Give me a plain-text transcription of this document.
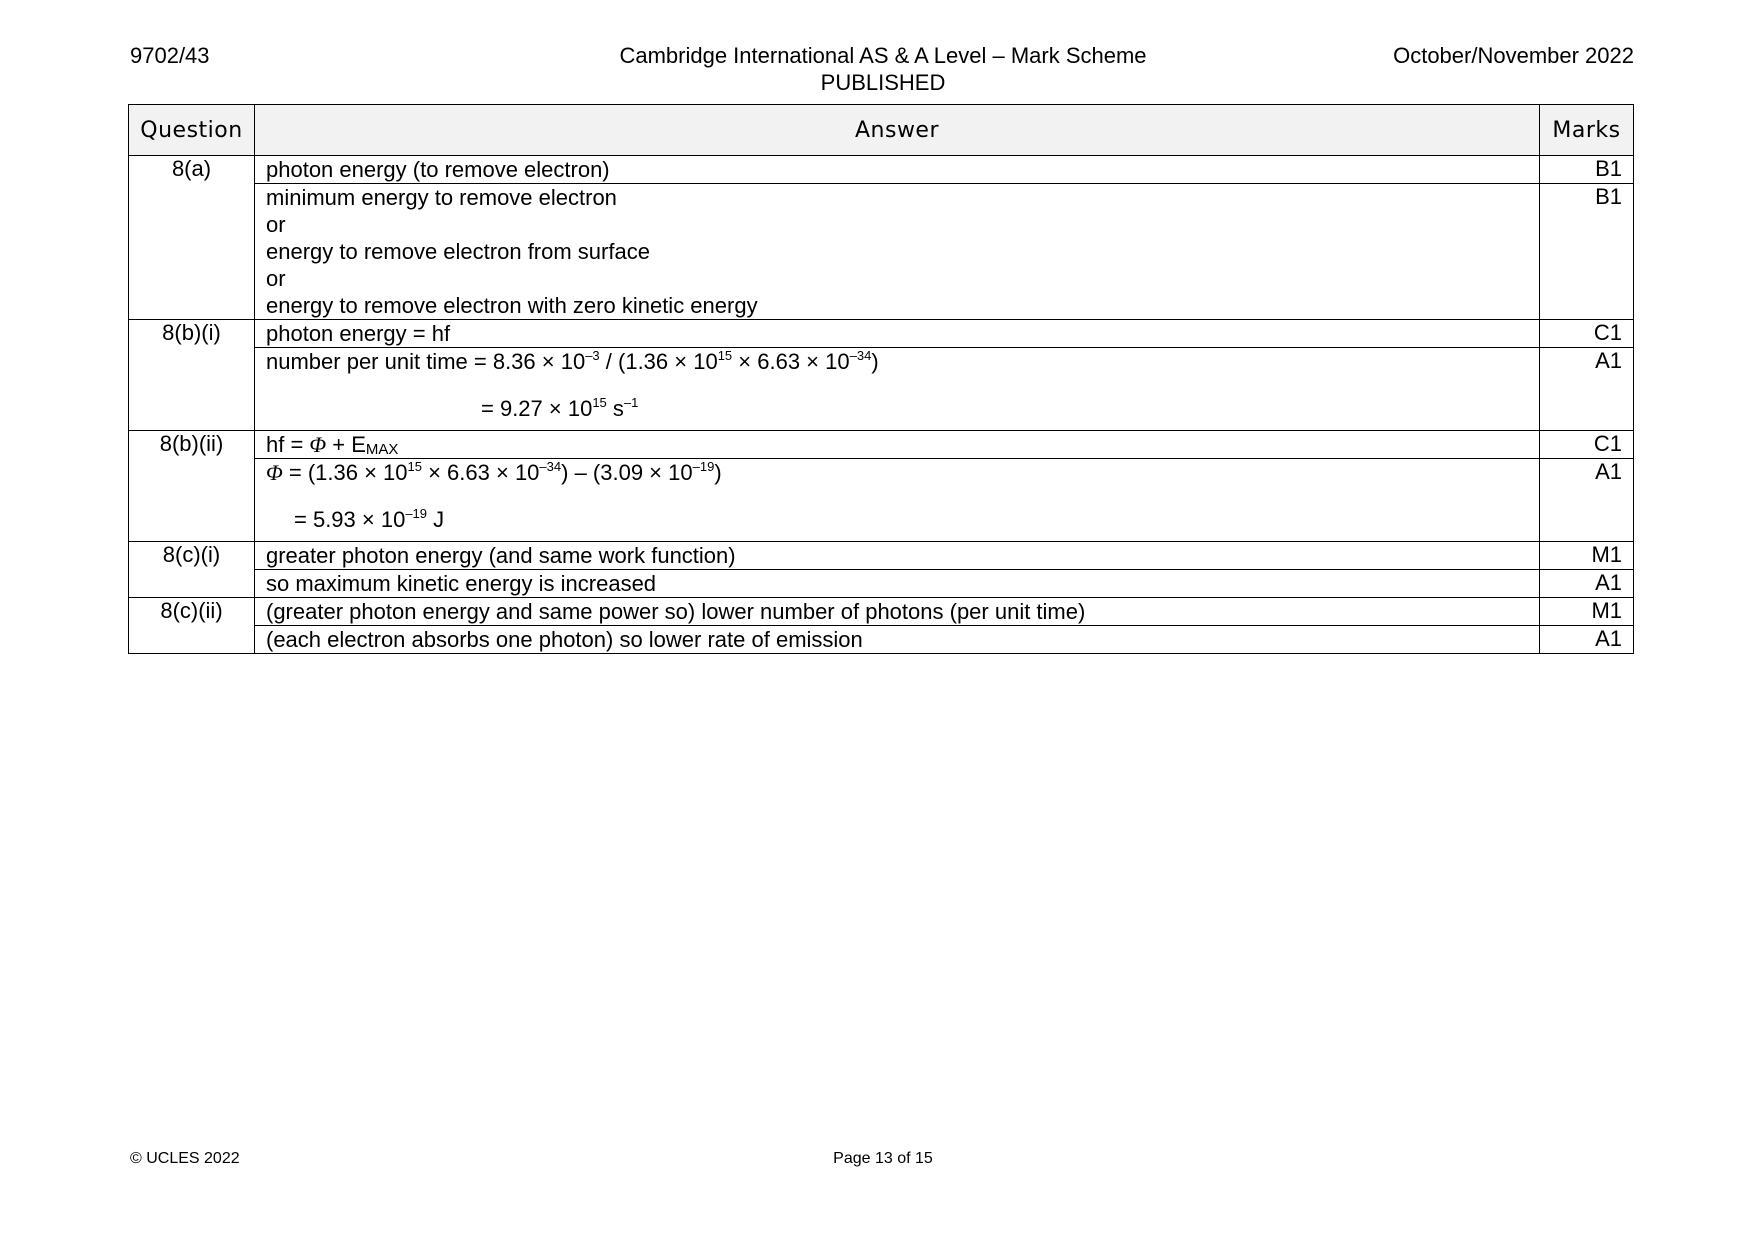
9702/43	Cambridge International AS & A Level – Mark Scheme
PUBLISHED
October/November 2022
Question	Answer	Marks
8(a)	photon energy (to remove electron)	B1

	minimum energy to remove electron
or
energy to remove electron from surface
or
energy to remove electron with zero kinetic energy	B1
8(b)(i)	photon energy = hf	C1

	number per unit time = $8.36 \times 10^{-3} / (1.36 \times 10^{15} \times 6.63 \times 10^{-34})$
= $9.27 \times 10^{15}$ $s^{-1}$	A1
8(b)(ii)	hf = $\Phi + E_{MAX}$	C1

	$\Phi = (1.36 \times 10^{15} \times 6.63 \times 10^{-34}) - (3.09 \times 10^{-19})$
= $5.93 \times 10^{-19}$ J	A1
8(c)(i)	greater photon energy (and same work function)	M1
	so maximum kinetic energy is increased	A1
8(c)(ii)	(greater photon energy and same power so) lower number of photons (per unit time)	M1
	(each electron absorbs one photon) so lower rate of emission	A1
© UCLES 2022	Page 13 of 15
